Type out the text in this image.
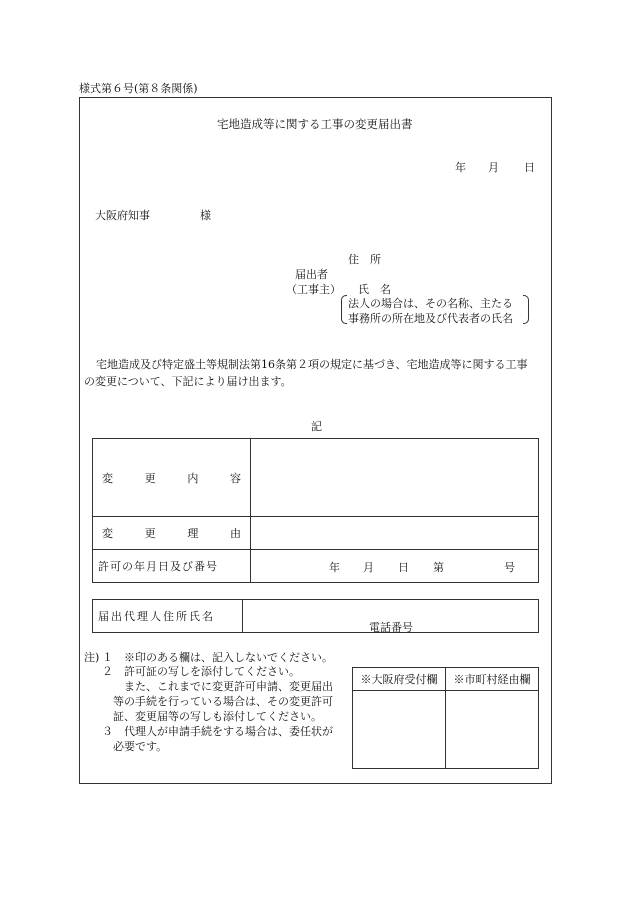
様式第６号(第８条関係)
宅地造成等に関する工事の変更届出書
年 月 日
大阪府知事	様
住　所
届出者
（工事主） 氏　名
法人の場合は、その名称、主たる
事務所の所在地及び代表者の氏名
宅地造成及び特定盛土等規制法第16条第２項の規定に基づき、宅地造成等に関する工事
の変更について、下記により届け出ます。
記
変 更 内 容	

変 更 理 由	

許可の年月日及び番号	年 月 日 第 号
届出代理人住所氏名	
電話番号
注) １　※印のある欄は、記入しないでください。
２　許可証の写しを添付してください。
また、これまでに変更許可申請、変更届出
等の手続を行っている場合は、その変更許可
証、変更届等の写しも添付してください。
３　代理人が申請手続をする場合は、委任状が
必要です。
※大阪府受付欄	※市町村経由欄
